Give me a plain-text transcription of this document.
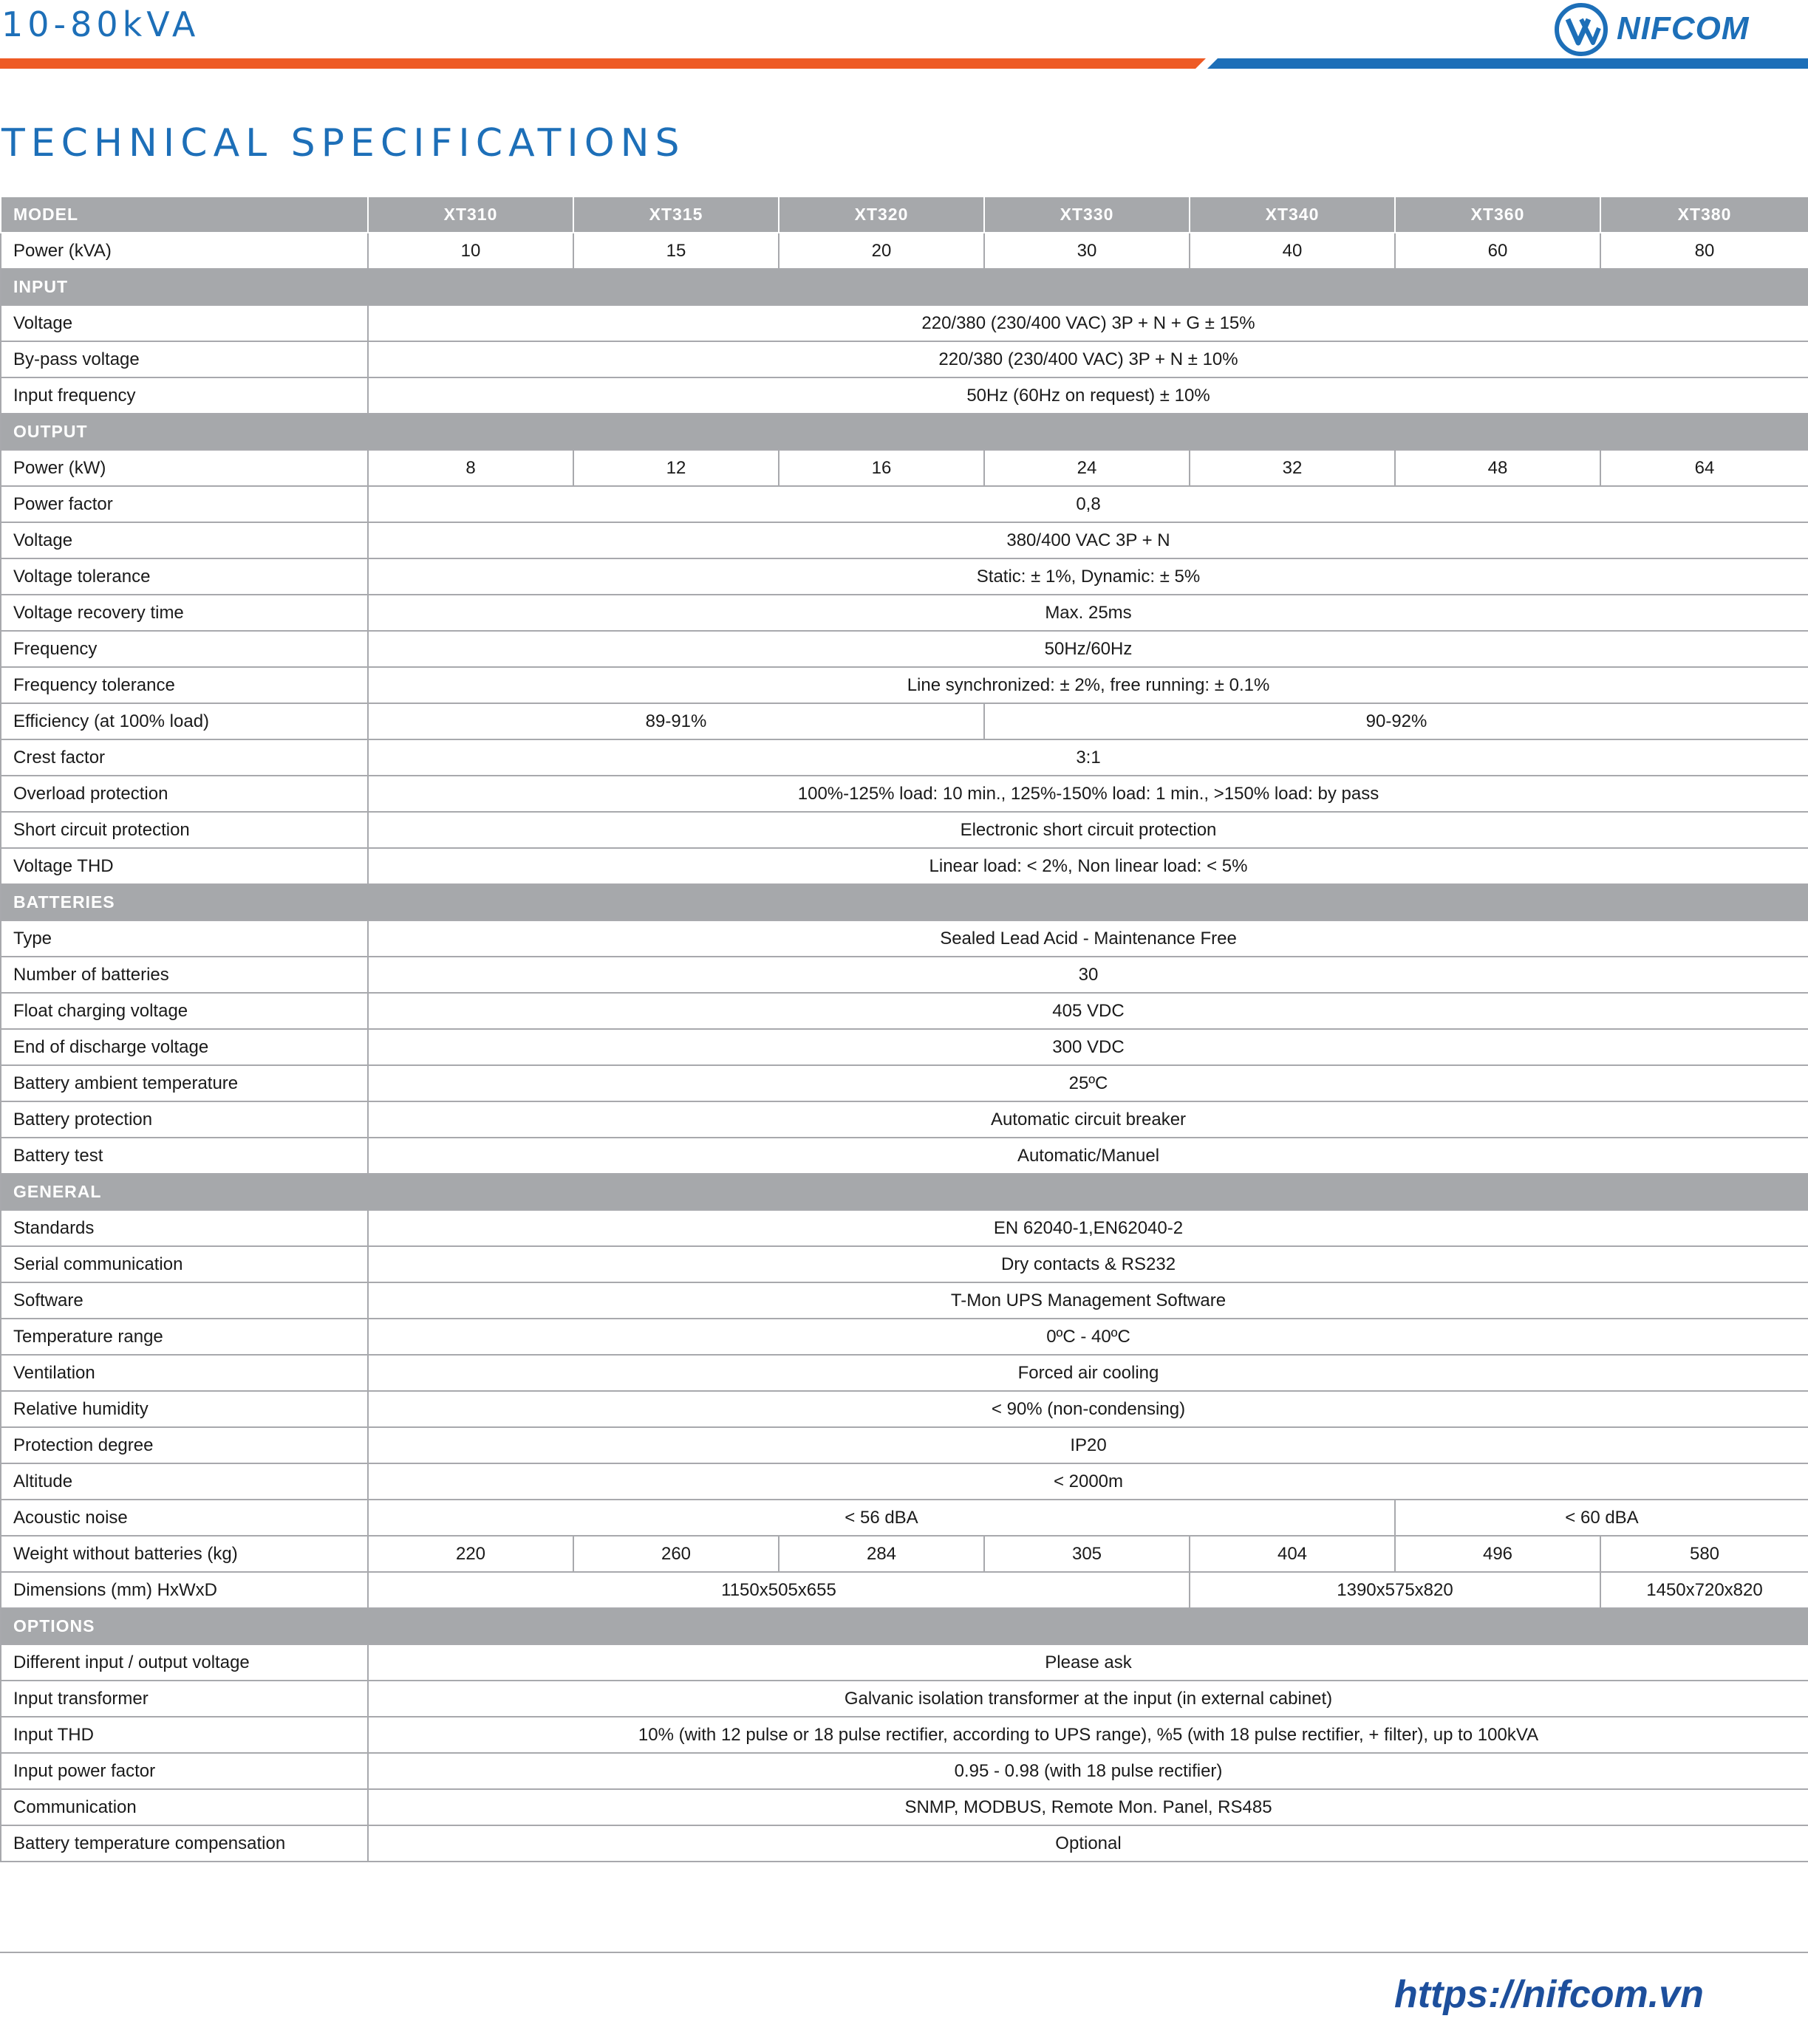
10-80kVA	NIFCOM
TECHNICAL SPECIFICATIONS
MODEL	XT310	XT315	XT320	XT330	XT340	XT360	XT380
Power (kVA)	10	15	20	30	40	60	80
INPUT							
Voltage	220/380 (230/400 VAC) 3P + N + G ± 15%						
By-pass voltage	220/380 (230/400 VAC) 3P + N ± 10%						
Input frequency	50Hz (60Hz on request) ± 10%						
OUTPUT							
Power (kW)	8	12	16	24	32	48	64
Power factor	0,8						
Voltage	380/400 VAC 3P + N						
Voltage tolerance	Static: ± 1%, Dynamic: ± 5%						
Voltage recovery time	Max. 25ms						
Frequency	50Hz/60Hz						
Frequency tolerance	Line synchronized: ± 2%, free running: ± 0.1%						
Efficiency (at 100% load)	89-91%			90-92%			
Crest factor	3:1						
Overload protection	100%-125% load: 10 min., 125%-150% load: 1 min., >150% load: by pass						
Short circuit protection	Electronic short circuit protection						
Voltage THD	Linear load: < 2%, Non linear load: < 5%						
BATTERIES							
Type	Sealed Lead Acid - Maintenance Free						
Number of batteries	30						
Float charging voltage	405 VDC						
End of discharge voltage	300 VDC						
Battery ambient temperature	25ºC						
Battery protection	Automatic circuit breaker						
Battery test	Automatic/Manuel						
GENERAL							
Standards	EN 62040-1,EN62040-2						
Serial communication	Dry contacts & RS232						
Software	T-Mon UPS Management Software						
Temperature range	0ºC - 40ºC						
Ventilation	Forced air cooling						
Relative humidity	< 90% (non-condensing)						
Protection degree	IP20						
Altitude	< 2000m						
Acoustic noise	< 56 dBA					< 60 dBA	
Weight without batteries (kg)	220	260	284	305	404	496	580
Dimensions (mm) HxWxD	1150x505x655				1390x575x820		1450x720x820
OPTIONS							
Different input / output voltage	Please ask						
Input transformer	Galvanic isolation transformer at the input (in external cabinet)						
Input THD	10% (with 12 pulse or 18 pulse rectifier, according to UPS range), %5 (with 18 pulse rectifier, + filter), up to 100kVA						
Input power factor	0.95 - 0.98 (with 18 pulse rectifier)						
Communication	SNMP, MODBUS, Remote Mon. Panel, RS485						
Battery temperature compensation	Optional						
https://nifcom.vn
